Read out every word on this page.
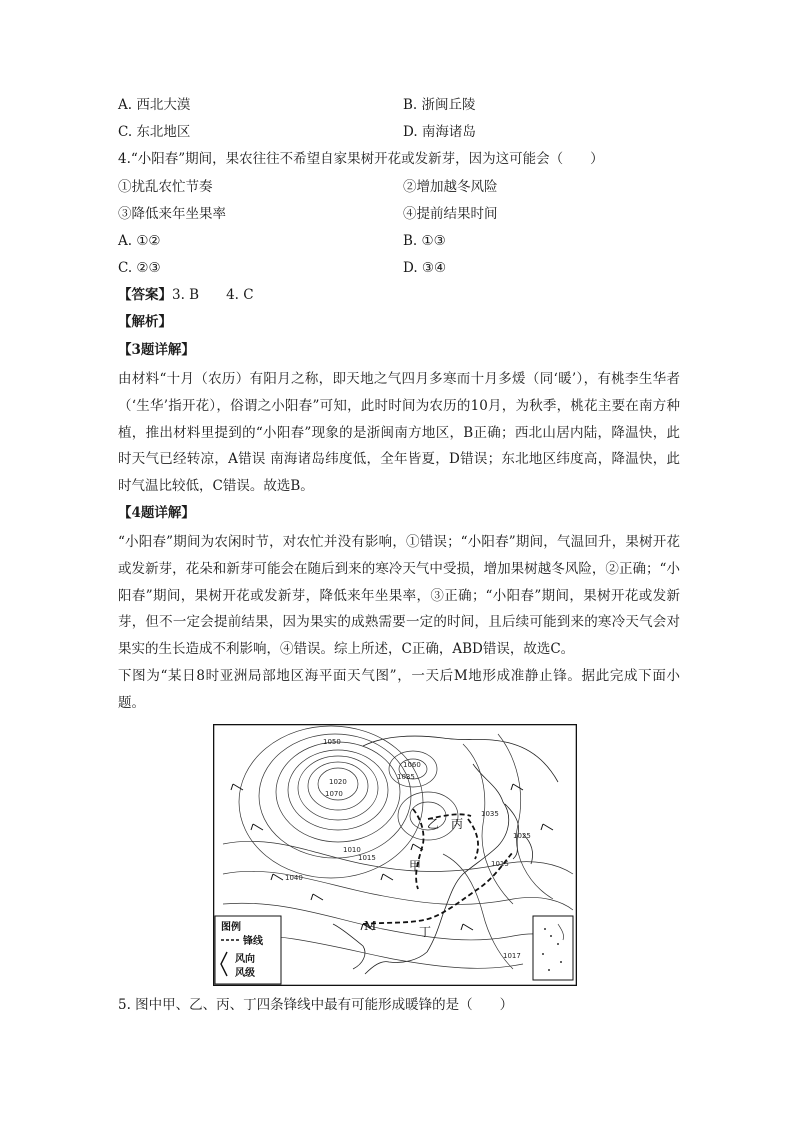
A. 西北大漠	B. 浙闽丘陵
C. 东北地区	D. 南海诸岛
4.“小阳春”期间，果农往往不希望自家果树开花或发新芽，因为这可能会（　　）
①扰乱农忙节奏	②增加越冬风险
③降低来年坐果率	④提前结果时间
A. ①②	B. ①③
C. ②③	D. ③④
【答案】3. B　　4. C
【解析】
【3题详解】
由材料“十月（农历）有阳月之称，即天地之气四月多寒而十月多煖（同‘暖’），有桃李生华者（‘生华’指开花），俗谓之小阳春”可知，此时时间为农历的10月，为秋季，桃花主要在南方种植，推出材料里提到的“小阳春”现象的是浙闽南方地区，B正确；西北山居内陆，降温快，此时天气已经转凉，A错误 南海诸岛纬度低，全年皆夏，D错误；东北地区纬度高，降温快，此时气温比较低，C错误。故选B。
【4题详解】
“小阳春”期间为农闲时节，对农忙并没有影响，①错误；“小阳春”期间，气温回升，果树开花或发新芽，花朵和新芽可能会在随后到来的寒冷天气中受损，增加果树越冬风险，②正确；“小阳春”期间，果树开花或发新芽，降低来年坐果率，③正确；“小阳春”期间，果树开花或发新芽，但不一定会提前结果，因为果实的成熟需要一定的时间，且后续可能到来的寒冷天气会对果实的生长造成不利影响，④错误。综上所述，C正确，ABD错误，故选C。
下图为“某日8时亚洲局部地区海平面天气图”，一天后M地形成准静止锋。据此完成下面小题。
1050
1020
1070
1060
1035
1035
1025
1010
1015
1040
1015
1017
甲
乙 丙
丁
M
图例
锋线
风向
风级
5. 图中甲、乙、丙、丁四条锋线中最有可能形成暖锋的是（　　）
